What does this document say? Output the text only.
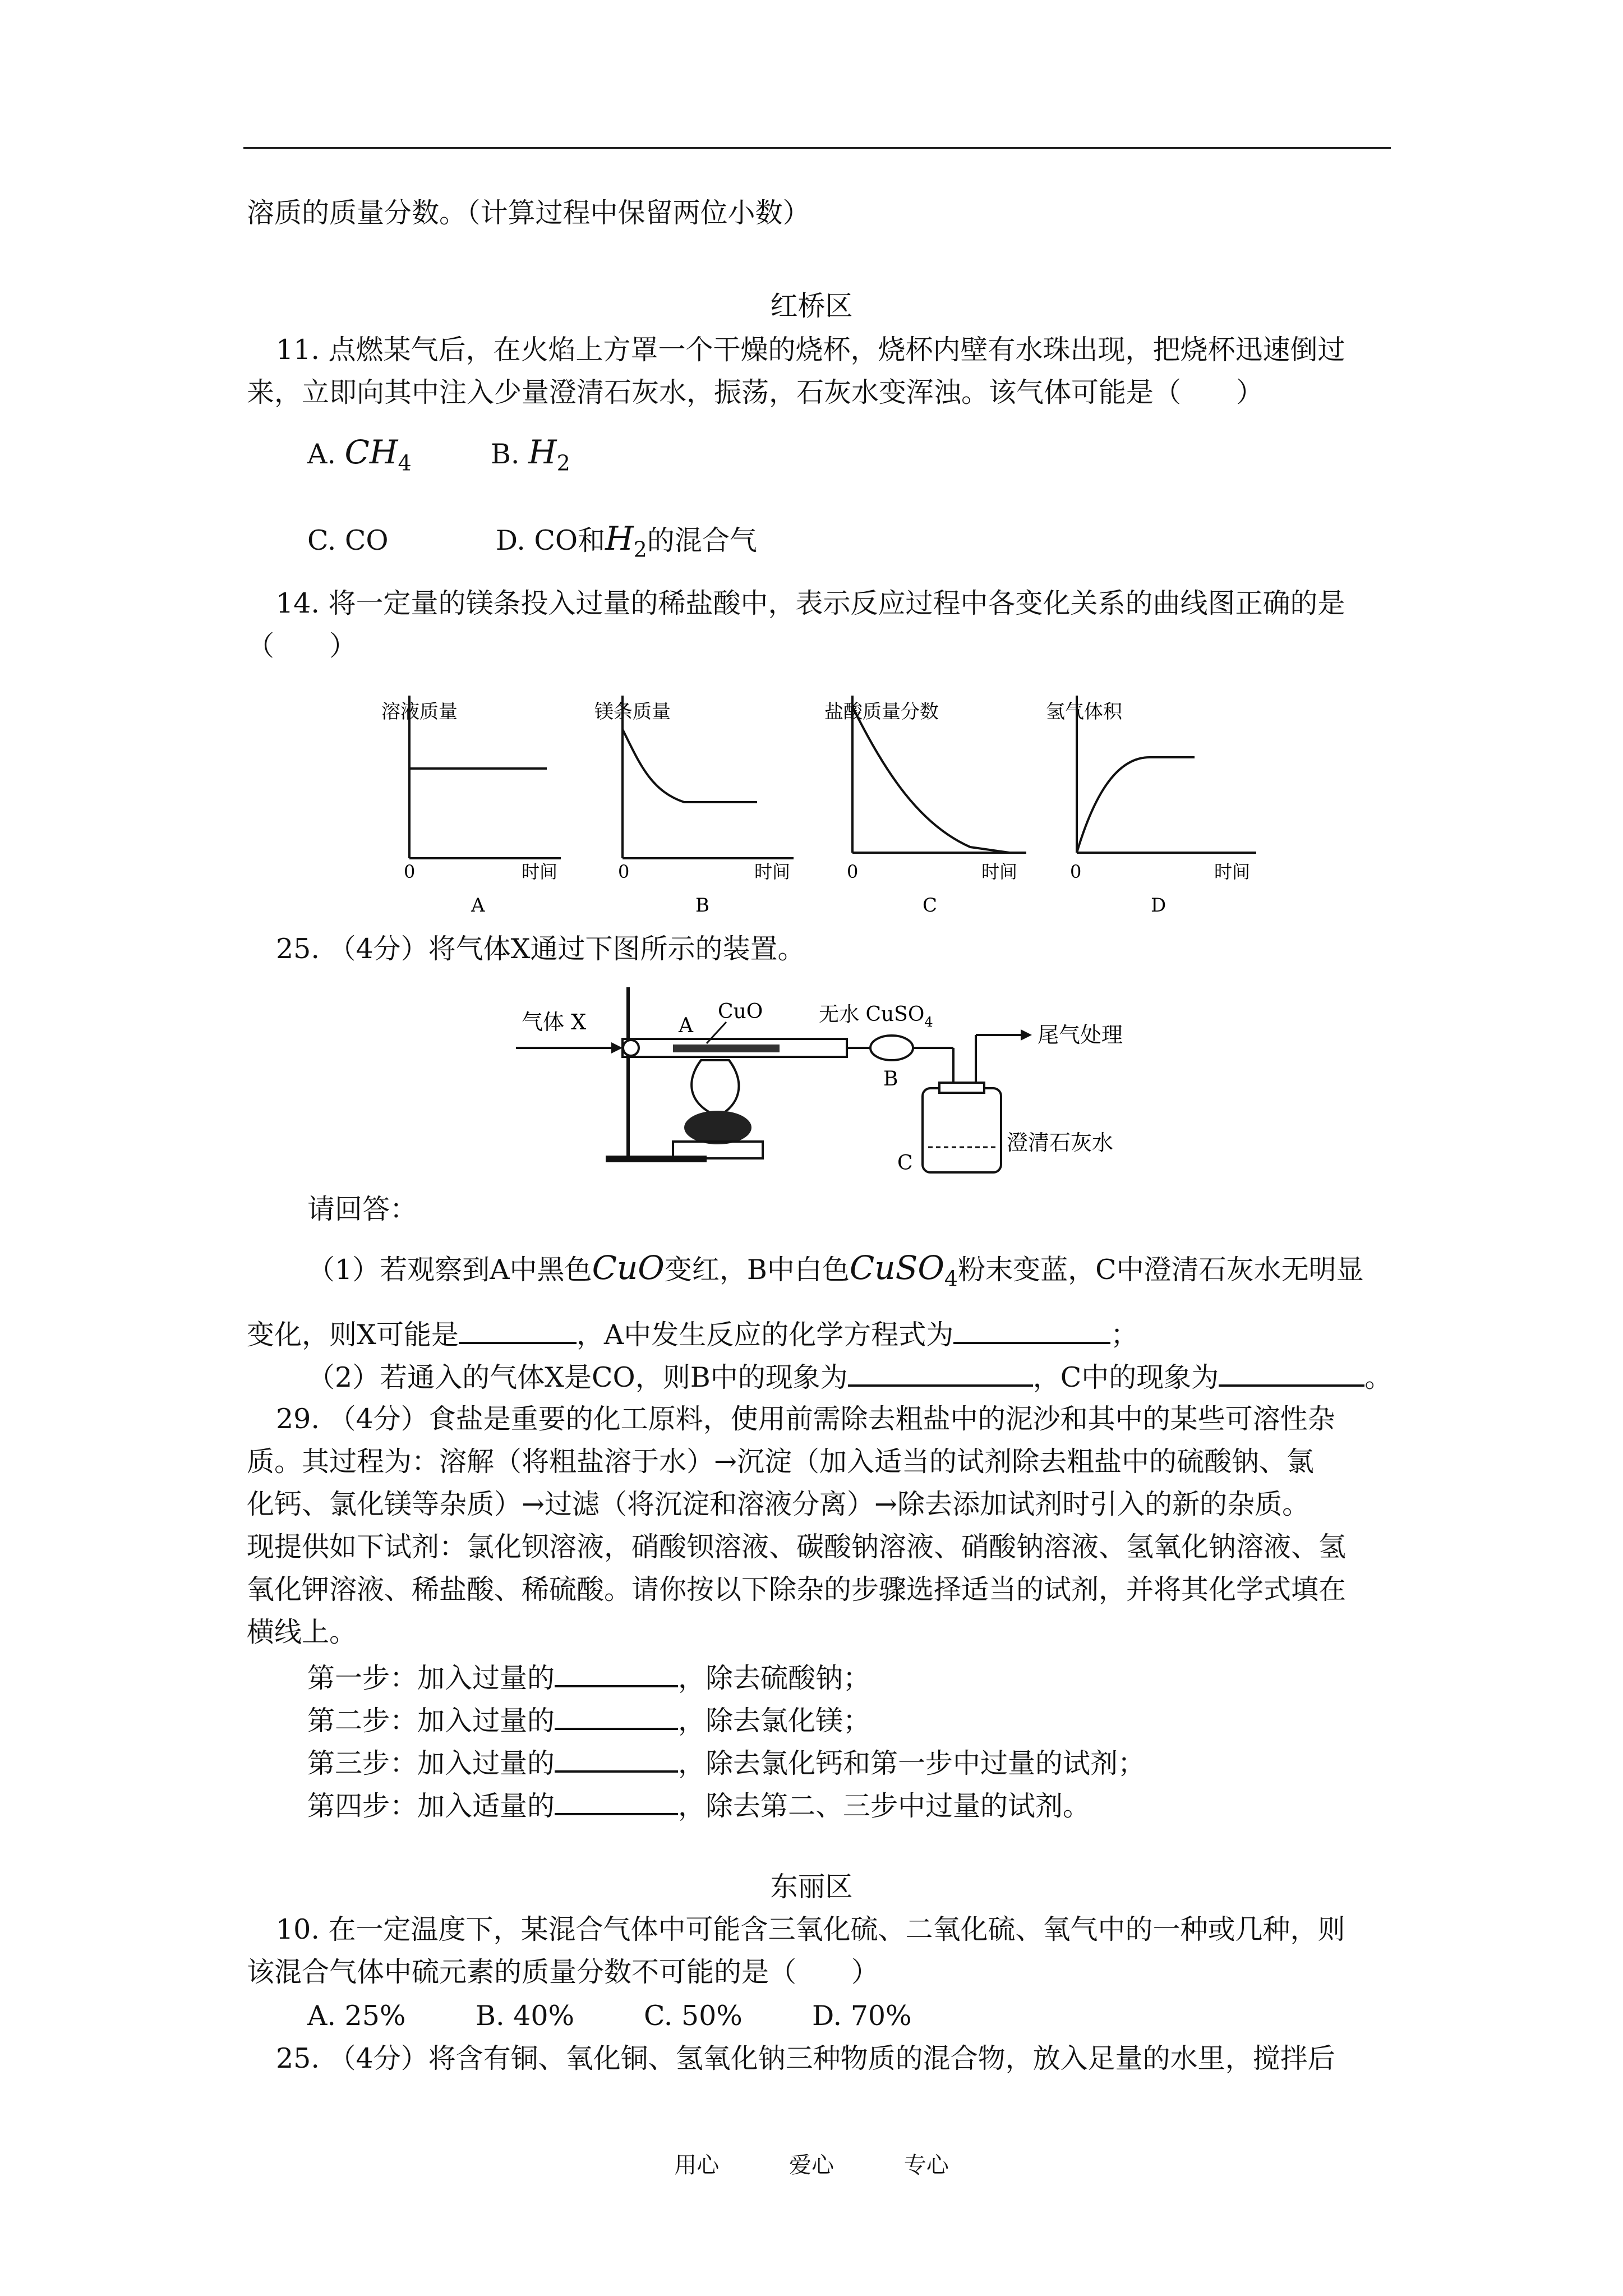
溶质的质量分数。（计算过程中保留两位小数）
红桥区
11. 点燃某气后，在火焰上方罩一个干燥的烧杯，烧杯内壁有水珠出现，把烧杯迅速倒过
来，立即向其中注入少量澄清石灰水，振荡，石灰水变浑浊。该气体可能是（　　）
A. $CH_4$	B. $H_2$
C. CO	D. CO和$H_2$的混合气
14. 将一定量的镁条投入过量的稀盐酸中，表示反应过程中各变化关系的曲线图正确的是
（　　）
溶液质量
0	时间
A
镁条质量
0	时间
B
盐酸质量分数
0	时间
C
氢气体积
0	时间
D
25. （4分）将气体X通过下图所示的装置。
气体 X	A
CuO	无水 CuSO$_4$
B
尾气处理
C
澄清石灰水
请回答：
（1）若观察到A中黑色CuO变红，B中白色CuSO$_4$粉末变蓝，C中澄清石灰水无明显
变化，则X可能是	，A中发生反应的化学方程式为	；
（2）若通入的气体X是CO，则B中的现象为	，C中的现象为	。
29. （4分）食盐是重要的化工原料，使用前需除去粗盐中的泥沙和其中的某些可溶性杂
质。其过程为：溶解（将粗盐溶于水）→沉淀（加入适当的试剂除去粗盐中的硫酸钠、氯
化钙、氯化镁等杂质）→过滤（将沉淀和溶液分离）→除去添加试剂时引入的新的杂质。
现提供如下试剂：氯化钡溶液，硝酸钡溶液、碳酸钠溶液、硝酸钠溶液、氢氧化钠溶液、氢
氧化钾溶液、稀盐酸、稀硫酸。请你按以下除杂的步骤选择适当的试剂，并将其化学式填在
横线上。
第一步：加入过量的	，除去硫酸钠；
第二步：加入过量的	，除去氯化镁；
第三步：加入过量的	，除去氯化钙和第一步中过量的试剂；
第四步：加入适量的	，除去第二、三步中过量的试剂。
东丽区
10. 在一定温度下，某混合气体中可能含三氧化硫、二氧化硫、氧气中的一种或几种，则
该混合气体中硫元素的质量分数不可能的是（　　）
A. 25%	B. 40%	C. 50%	D. 70%
25. （4分）将含有铜、氧化铜、氢氧化钠三种物质的混合物，放入足量的水里，搅拌后
用心	爱心	专心
